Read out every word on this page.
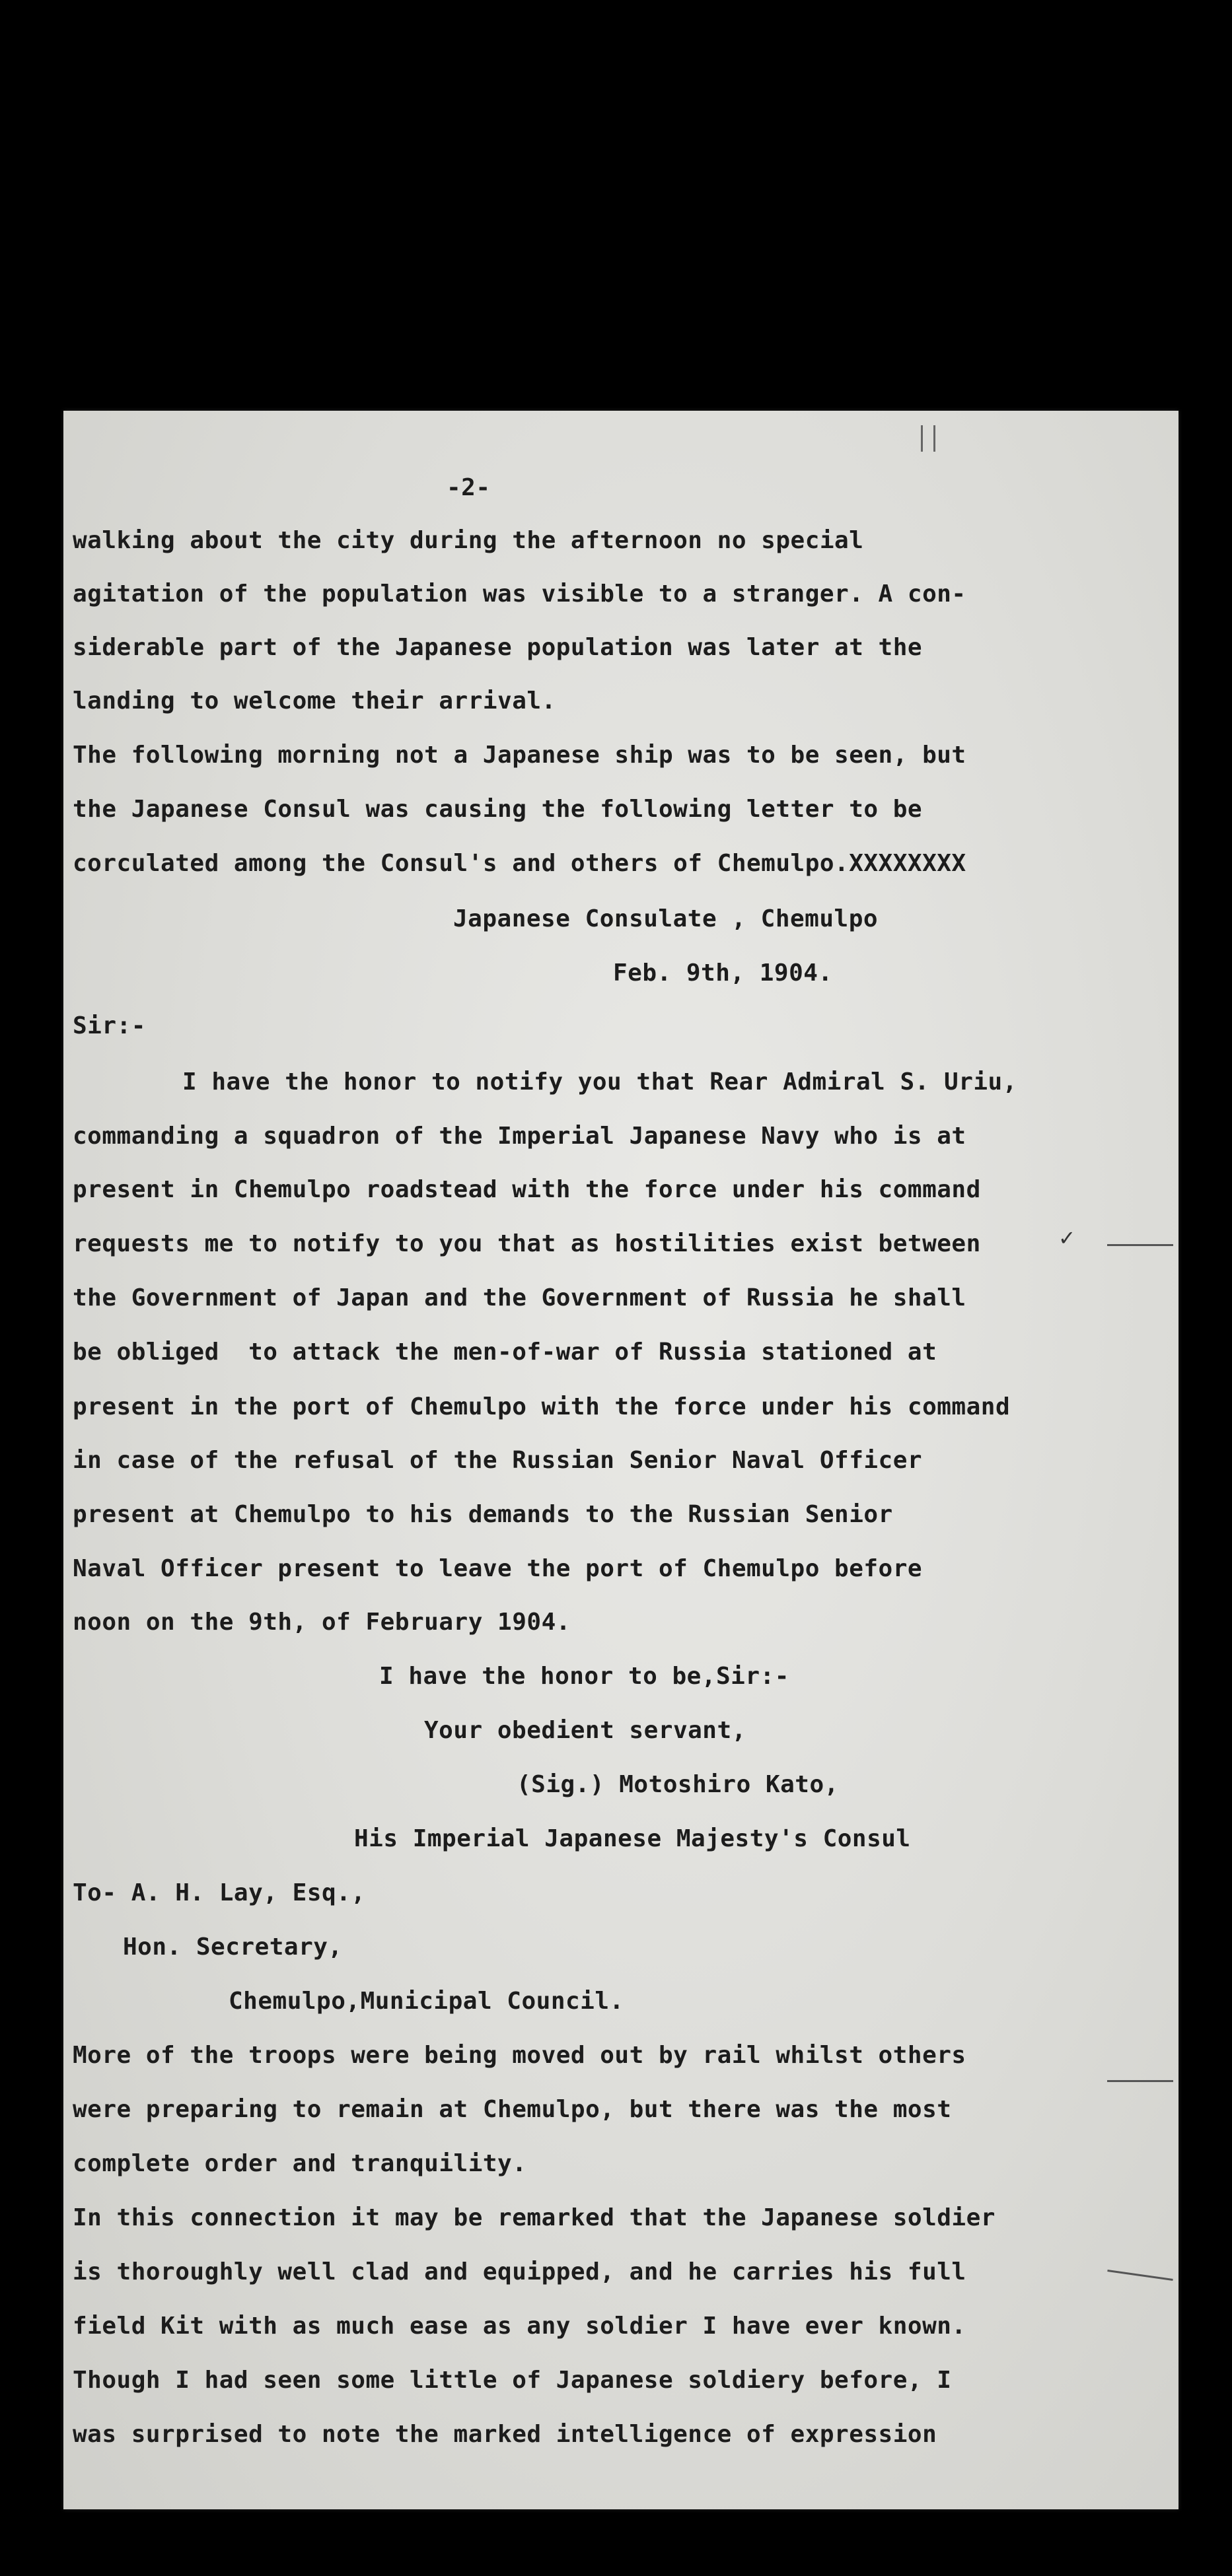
-2-
walking about the city during the afternoon no special
agitation of the population was visible to a stranger. A con-
siderable part of the Japanese population was later at the
landing to welcome their arrival.
The following morning not a Japanese ship was to be seen, but
the Japanese Consul was causing the following letter to be
corculated among the Consul's and others of Chemulpo.XXXXXXXX
Japanese Consulate , Chemulpo
Feb. 9th, 1904.
Sir:-
I have the honor to notify you that Rear Admiral S. Uriu,
commanding a squadron of the Imperial Japanese Navy who is at
present in Chemulpo roadstead with the force under his command
requests me to notify to you that as hostilities exist between
the Government of Japan and the Government of Russia he shall
be obliged  to attack the men-of-war of Russia stationed at
present in the port of Chemulpo with the force under his command
in case of the refusal of the Russian Senior Naval Officer
present at Chemulpo to his demands to the Russian Senior
Naval Officer present to leave the port of Chemulpo before
noon on the 9th, of February 1904.
I have the honor to be,Sir:-
Your obedient servant,
(Sig.) Motoshiro Kato,
His Imperial Japanese Majesty's Consul
To- A. H. Lay, Esq.,
Hon. Secretary,
Chemulpo,Municipal Council.
More of the troops were being moved out by rail whilst others
were preparing to remain at Chemulpo, but there was the most
complete order and tranquility.
In this connection it may be remarked that the Japanese soldier
is thoroughly well clad and equipped, and he carries his full
field Kit with as much ease as any soldier I have ever known.
Though I had seen some little of Japanese soldiery before, I
was surprised to note the marked intelligence of expression
✓
